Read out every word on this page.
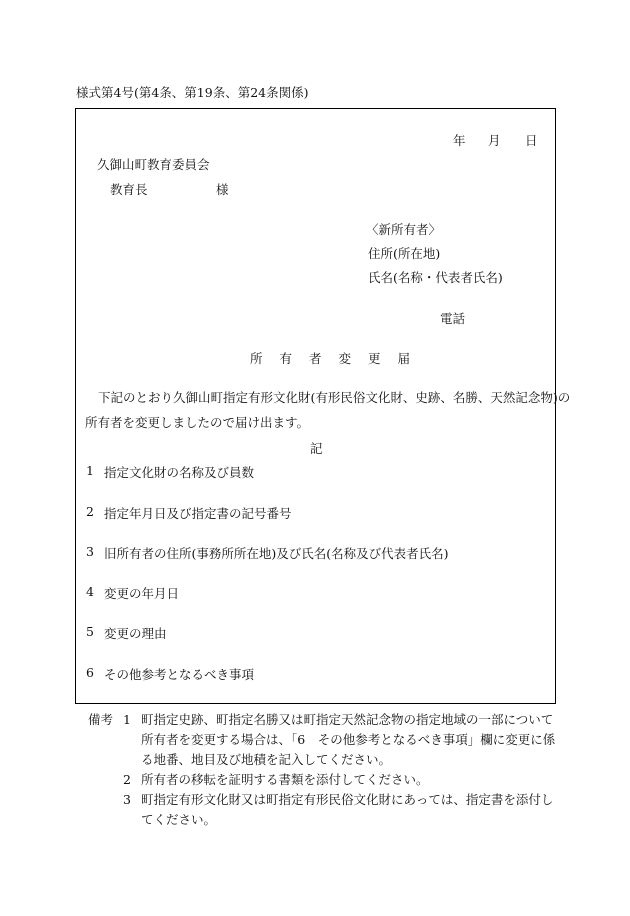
様式第4号(第4条、第19条、第24条関係)
年 月 日
久御山町教育委員会
教育長	様
〈新所有者〉
住所(所在地)
氏名(名称・代表者氏名)
電話
所有者変更届
下記のとおり久御山町指定有形文化財(有形民俗文化財、史跡、名勝、天然記念物)の
所有者を変更しましたので届け出ます。
記
1 指定文化財の名称及び員数
2 指定年月日及び指定書の記号番号
3 旧所有者の住所(事務所所在地)及び氏名(名称及び代表者氏名)
4 変更の年月日
5 変更の理由
6 その他参考となるべき事項
備考 1 町指定史跡、町指定名勝又は町指定天然記念物の指定地域の一部について所有者を変更する場合は、「6　その他参考となるべき事項」欄に変更に係る地番、地目及び地積を記入してください。
2 所有者の移転を証明する書類を添付してください。
3 町指定有形文化財又は町指定有形民俗文化財にあっては、指定書を添付してください。
